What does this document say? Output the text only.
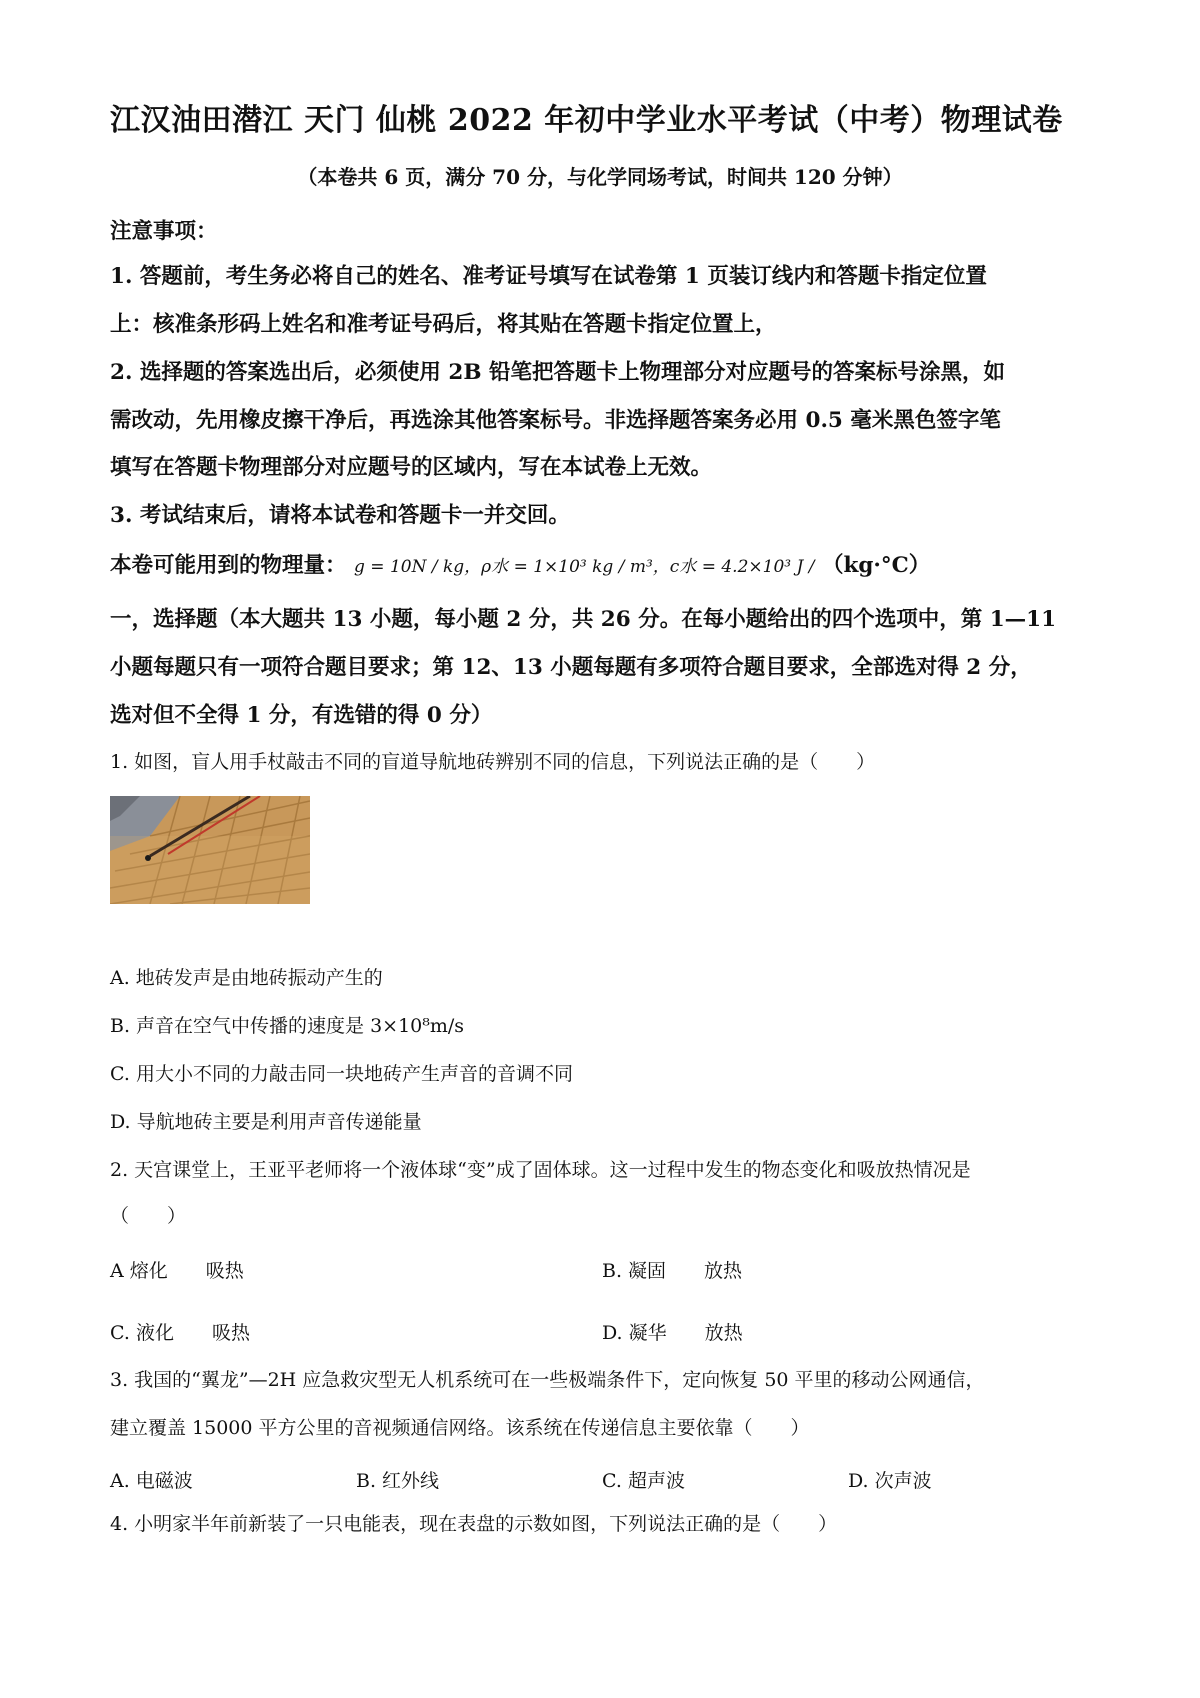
江汉油田潜江 天门 仙桃 2022 年初中学业水平考试（中考）物理试卷
（本卷共 6 页，满分 70 分，与化学同场考试，时间共 120 分钟）
注意事项：
1. 答题前，考生务必将自己的姓名、准考证号填写在试卷第 1 页装订线内和答题卡指定位置
上：核准条形码上姓名和准考证号码后，将其贴在答题卡指定位置上，
2. 选择题的答案选出后，必须使用 2B 铅笔把答题卡上物理部分对应题号的答案标号涂黑，如
需改动，先用橡皮擦干净后，再选涂其他答案标号。非选择题答案务必用 0.5 毫米黑色签字笔
填写在答题卡物理部分对应题号的区域内，写在本试卷上无效。
3. 考试结束后，请将本试卷和答题卡一并交回。
本卷可能用到的物理量： g = 10N / kg，ρ水 = 1×10³ kg / m³，c水 = 4.2×10³ J / （kg·°C）
一，选择题（本大题共 13 小题，每小题 2 分，共 26 分。在每小题给出的四个选项中，第 1—11
小题每题只有一项符合题目要求；第 12、13 小题每题有多项符合题目要求，全部选对得 2 分，
选对但不全得 1 分，有选错的得 0 分）
1. 如图，盲人用手杖敲击不同的盲道导航地砖辨别不同的信息，下列说法正确的是（　　）
A. 地砖发声是由地砖振动产生的
B. 声音在空气中传播的速度是 3×10⁸m/s
C. 用大小不同的力敲击同一块地砖产生声音的音调不同
D. 导航地砖主要是利用声音传递能量
2. 天宫课堂上，王亚平老师将一个液体球“变”成了固体球。这一过程中发生的物态变化和吸放热情况是
（　　）
A 熔化　　吸热	B. 凝固　　放热
C. 液化　　吸热	D. 凝华　　放热
3. 我国的“翼龙”—2H 应急救灾型无人机系统可在一些极端条件下，定向恢复 50 平里的移动公网通信，
建立覆盖 15000 平方公里的音视频通信网络。该系统在传递信息主要依靠（　　）
A. 电磁波	B. 红外线	C. 超声波	D. 次声波
4. 小明家半年前新装了一只电能表，现在表盘的示数如图，下列说法正确的是（　　）
